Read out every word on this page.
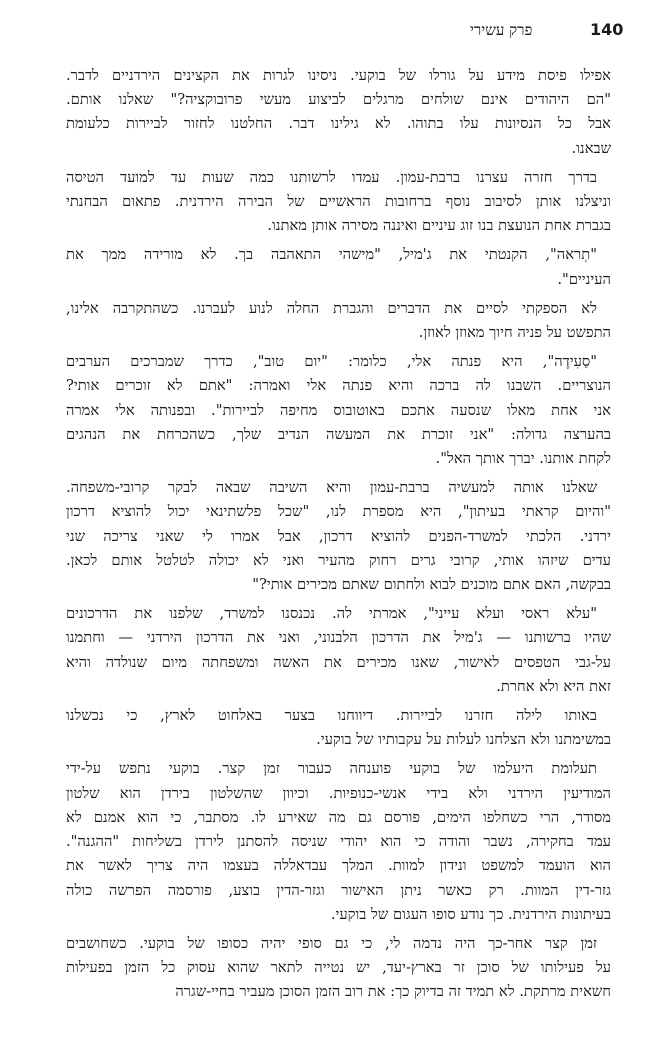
140
פרק עשירי
אפילו פיסת מידע על גורלו של בוקעי. ניסינו לגרות את הקצינים הירדניים לדבר.
"הם היהודים אינם שולחים מרגלים לביצוע מעשי פרובוקציה?" שאלנו אותם.
אבל כל הנסיונות עלו בתוהו. לא גילינו דבר. החלטנו לחזור לביירות כלעומת
שבאנו.
בדרך חזרה עצרנו ברבת-עמון. עמדו לרשותנו כמה שעות עד למועד הטיסה
וניצלנו אותן לסיבוב נוסף ברחובות הראשיים של הבירה הירדנית. פתאום הבחנתי
בגברת אחת הנועצת בנו זוג עיניים ואיננה מסירה אותן מאתנו.
"תְראה", הקנטתי את ג'מיל, "מישהי התאהבה בך. לא מורידה ממך את
העיניים".
לא הספקתי לסיים את הדברים והגברת החלה לנוע לעברנו. כשהתקרבה אלינו,
התפשט על פניה חיוך מאוזן לאוזן.
"סַעִידֶה", היא פנתה אלי, כלומר: "יום טוב", כדרך שמברכים הערבים
הנוצריים. השבנו לה ברכה והיא פנתה אלי ואמרה: "אתם לא זוכרים אותי?
אני אחת מאלו שנסעה אתכם באוטובוס מחיפה לביירות". ובפנותה אלי אמרה
בהערצה גדולה: "אני זוכרת את המעשה הנדיב שלך, כשהכרחת את הנהגים
לקחת אותנו. יברך אותך האל".
שאלנו אותה למעשיה ברבת-עמון והיא השיבה שבאה לבקר קרובי-משפחה.
"והיום קראתי בעיתון", היא מספרת לנו, "שכל פלשתינאי יכול להוציא דרכון
ירדני. הלכתי למשרד-הפנים להוציא דרכון, אבל אמרו לי שאני צריכה שני
עדים שיזהו אותי, קרובי גרים רחוק מהעיר ואני לא יכולה לטלטל אותם לכאן.
בבקשה, האם אתם מוכנים לבוא ולחתום שאתם מכירים אותי?"
"עלא ראסי ועלא עייני", אמרתי לה. נכנסנו למשרד, שלפנו את הדרכונים
שהיו ברשותנו — ג'מיל את הדרכון הלבנוני, ואני את הדרכון הירדני — וחתמנו
על-גבי הטפסים לאישור, שאנו מכירים את האשה ומשפחתה מיום שנולדה והיא
זאת היא ולא אחרת.
באותו לילה חזרנו לביירות. דיווחנו בצער באלחוט לארץ, כי נכשלנו
במשימתנו ולא הצלחנו לעלות על עקבותיו של בוקעי.
תעלומת היעלמו של בוקעי פוענחה כעבור זמן קצר. בוקעי נתפש על-ידי
המודיעין הירדני ולא בידי אנשי-כנופיות. וכיוון שהשלטון בירדן הוא שלטון
מסודר, הרי כשחלפו הימים, פורסם גם מה שאירע לו. מסתבר, כי הוא אמנם לא
עמד בחקירה, נשבר והודה כי הוא יהודי שניסה להסתנן לירדן בשליחות "ההגנה".
הוא הועמד למשפט ונידון למוות. המלך עבדאללה בעצמו היה צריך לאשר את
גזר-דין המוות. רק כאשר ניתן האישור וגזר-הדין בוצע, פורסמה הפרשה כולה
בעיתונות הירדנית. כך נודע סופו העגום של בוקעי.
זמן קצר אחר-כך היה נדמה לי, כי גם סופי יהיה כסופו של בוקעי. כשחושבים
על פעילותו של סוכן זר בארץ-יעד, יש נטייה לתאר שהוא עסוק כל הזמן בפעילות
חשאית מרתקת. לא תמיד זה בדיוק כך: את רוב הזמן הסוכן מעביר בחיי-שגרה
